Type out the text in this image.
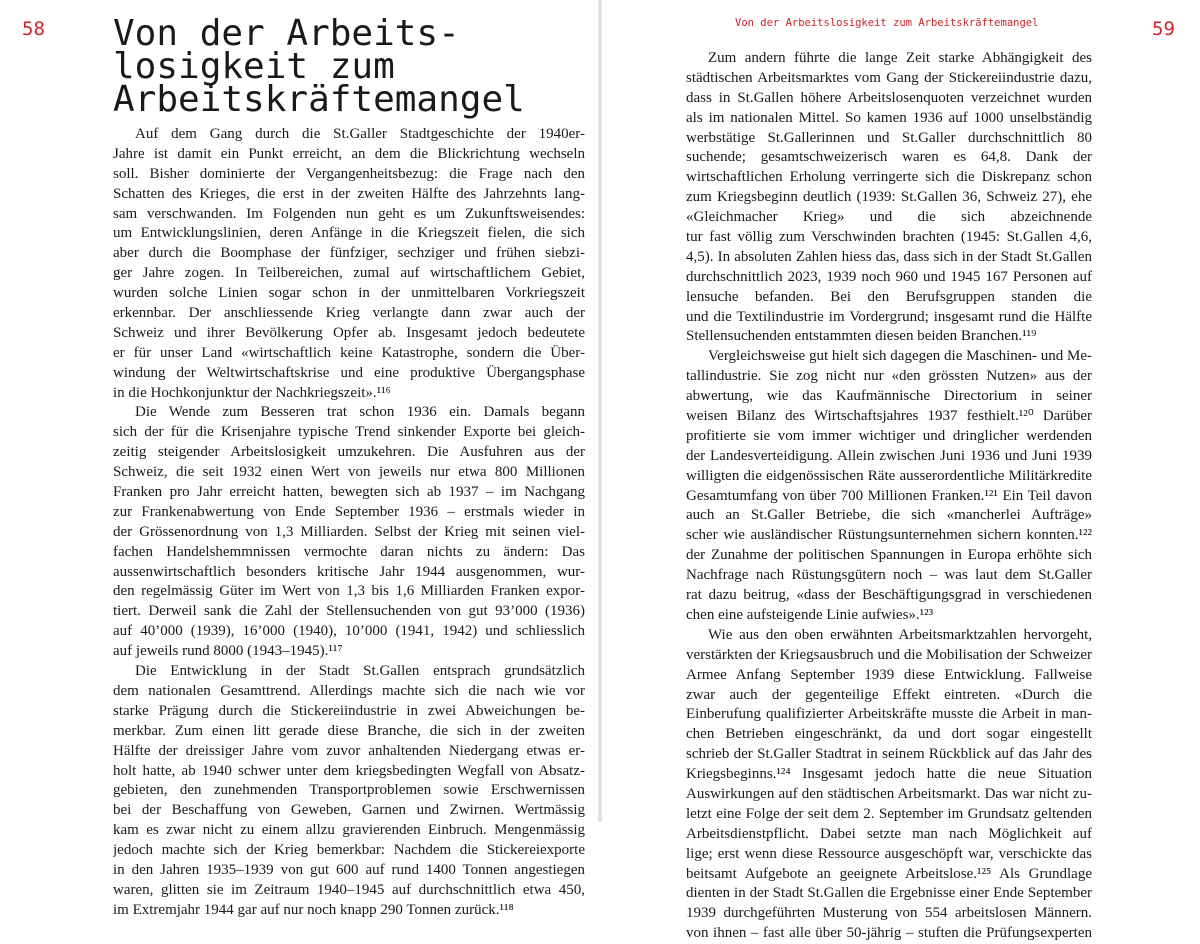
58 Von der Arbeits-
losigkeit zum
Arbeitskräftemangel
Auf dem Gang durch die St.Galler Stadtgeschichte der 1940er-
Jahre ist damit ein Punkt erreicht, an dem die Blickrichtung wechseln
soll. Bisher dominierte der Vergangenheitsbezug: die Frage nach den
Schatten des Krieges, die erst in der zweiten Hälfte des Jahrzehnts lang-
sam verschwanden. Im Folgenden nun geht es um Zukunftsweisendes:
um Entwicklungslinien, deren Anfänge in die Kriegszeit fielen, die sich
aber durch die Boomphase der fünfziger, sechziger und frühen siebzi-
ger Jahre zogen. In Teilbereichen, zumal auf wirtschaftlichem Gebiet,
wurden solche Linien sogar schon in der unmittelbaren Vorkriegszeit
erkennbar. Der anschliessende Krieg verlangte dann zwar auch der
Schweiz und ihrer Bevölkerung Opfer ab. Insgesamt jedoch bedeutete
er für unser Land «wirtschaftlich keine Katastrophe, sondern die Über-
windung der Weltwirtschaftskrise und eine produktive Übergangsphase
in die Hochkonjunktur der Nachkriegszeit».¹¹⁶
Die Wende zum Besseren trat schon 1936 ein. Damals begann
sich der für die Krisenjahre typische Trend sinkender Exporte bei gleich-
zeitig steigender Arbeitslosigkeit umzukehren. Die Ausfuhren aus der
Schweiz, die seit 1932 einen Wert von jeweils nur etwa 800 Millionen
Franken pro Jahr erreicht hatten, bewegten sich ab 1937 – im Nachgang
zur Frankenabwertung von Ende September 1936 – erstmals wieder in
der Grössenordnung von 1,3 Milliarden. Selbst der Krieg mit seinen viel-
fachen Handelshemmnissen vermochte daran nichts zu ändern: Das
aussenwirtschaftlich besonders kritische Jahr 1944 ausgenommen, wur-
den regelmässig Güter im Wert von 1,3 bis 1,6 Milliarden Franken expor-
tiert. Derweil sank die Zahl der Stellensuchenden von gut 93’000 (1936)
auf 40’000 (1939), 16’000 (1940), 10’000 (1941, 1942) und schliesslich
auf jeweils rund 8000 (1943–1945).¹¹⁷
Die Entwicklung in der Stadt St.Gallen entsprach grundsätzlich
dem nationalen Gesamttrend. Allerdings machte sich die nach wie vor
starke Prägung durch die Stickereiindustrie in zwei Abweichungen be-
merkbar. Zum einen litt gerade diese Branche, die sich in der zweiten
Hälfte der dreissiger Jahre vom zuvor anhaltenden Niedergang etwas er-
holt hatte, ab 1940 schwer unter dem kriegsbedingten Wegfall von Absatz-
gebieten, den zunehmenden Transportproblemen sowie Erschwernissen
bei der Beschaffung von Geweben, Garnen und Zwirnen. Wertmässig
kam es zwar nicht zu einem allzu gravierenden Einbruch. Mengenmässig
jedoch machte sich der Krieg bemerkbar: Nachdem die Stickereiexporte
in den Jahren 1935–1939 von gut 600 auf rund 1400 Tonnen angestiegen
waren, glitten sie im Zeitraum 1940–1945 auf durchschnittlich etwa 450,
im Extremjahr 1944 gar auf nur noch knapp 290 Tonnen zurück.¹¹⁸
Von der Arbeitslosigkeit zum Arbeitskräftemangel	59
Zum andern führte die lange Zeit starke Abhängigkeit des
städtischen Arbeitsmarktes vom Gang der Stickereiindustrie dazu,
dass in St.Gallen höhere Arbeitslosenquoten verzeichnet wurden
als im nationalen Mittel. So kamen 1936 auf 1000 unselbständig
werbstätige St.Gallerinnen und St.Galler durchschnittlich 80
suchende; gesamtschweizerisch waren es 64,8. Dank der
wirtschaftlichen Erholung verringerte sich die Diskrepanz schon
zum Kriegsbeginn deutlich (1939: St.Gallen 36, Schweiz 27), ehe
«Gleichmacher Krieg» und die sich abzeichnende
tur fast völlig zum Verschwinden brachten (1945: St.Gallen 4,6,
4,5). In absoluten Zahlen hiess das, dass sich in der Stadt St.Gallen
durchschnittlich 2023, 1939 noch 960 und 1945 167 Personen auf
lensuche befanden. Bei den Berufsgruppen standen die
und die Textilindustrie im Vordergrund; insgesamt rund die Hälfte
Stellensuchenden entstammten diesen beiden Branchen.¹¹⁹
Vergleichsweise gut hielt sich dagegen die Maschinen- und Me-
tallindustrie. Sie zog nicht nur «den grössten Nutzen» aus der
abwertung, wie das Kaufmännische Directorium in seiner
weisen Bilanz des Wirtschaftsjahres 1937 festhielt.¹²⁰ Darüber
profitierte sie vom immer wichtiger und dringlicher werdenden
der Landesverteidigung. Allein zwischen Juni 1936 und Juni 1939
willigten die eidgenössischen Räte ausserordentliche Militärkredite
Gesamtumfang von über 700 Millionen Franken.¹²¹ Ein Teil davon
auch an St.Galler Betriebe, die sich «mancherlei Aufträge»
scher wie ausländischer Rüstungsunternehmen sichern konnten.¹²²
der Zunahme der politischen Spannungen in Europa erhöhte sich
Nachfrage nach Rüstungsgütern noch – was laut dem St.Galler
rat dazu beitrug, «dass der Beschäftigungsgrad in verschiedenen
chen eine aufsteigende Linie aufwies».¹²³
Wie aus den oben erwähnten Arbeitsmarktzahlen hervorgeht,
verstärkten der Kriegsausbruch und die Mobilisation der Schweizer
Armee Anfang September 1939 diese Entwicklung. Fallweise
zwar auch der gegenteilige Effekt eintreten. «Durch die
Einberufung qualifizierter Arbeitskräfte musste die Arbeit in man-
chen Betrieben eingeschränkt, da und dort sogar eingestellt
schrieb der St.Galler Stadtrat in seinem Rückblick auf das Jahr des
Kriegsbeginns.¹²⁴ Insgesamt jedoch hatte die neue Situation
Auswirkungen auf den städtischen Arbeitsmarkt. Das war nicht zu-
letzt eine Folge der seit dem 2. September im Grundsatz geltenden
Arbeitsdienstpflicht. Dabei setzte man nach Möglichkeit auf
lige; erst wenn diese Ressource ausgeschöpft war, verschickte das
beitsamt Aufgebote an geeignete Arbeitslose.¹²⁵ Als Grundlage
dienten in der Stadt St.Gallen die Ergebnisse einer Ende September
1939 durchgeführten Musterung von 554 arbeitslosen Männern.
von ihnen – fast alle über 50-jährig – stuften die Prüfungsexperten
